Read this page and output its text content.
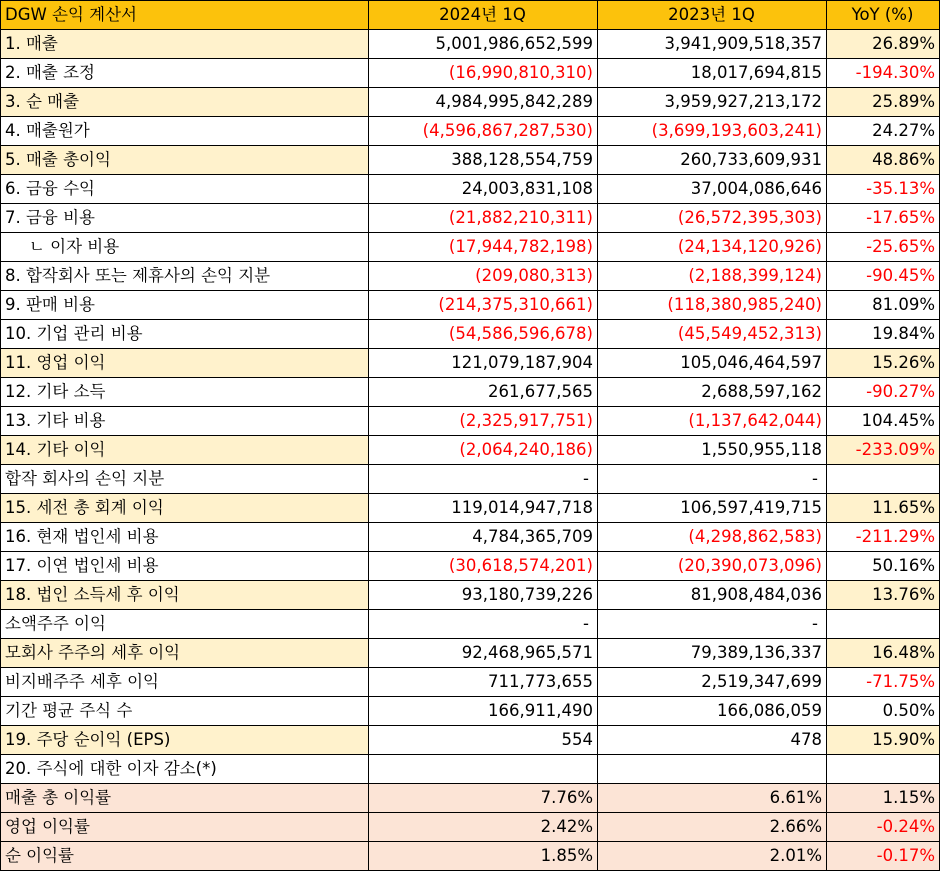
DGW 손익 계산서	2024년 1Q	2023년 1Q	YoY (%)
1. 매출	5,001,986,652,599	3,941,909,518,357	26.89%
2. 매출 조정	(16,990,810,310)	18,017,694,815	-194.30%
3. 순 매출	4,984,995,842,289	3,959,927,213,172	25.89%
4. 매출원가	(4,596,867,287,530)	(3,699,193,603,241)	24.27%
5. 매출 총이익	388,128,554,759	260,733,609,931	48.86%
6. 금융 수익	24,003,831,108	37,004,086,646	-35.13%
7. 금융 비용	(21,882,210,311)	(26,572,395,303)	-17.65%
ㄴ 이자 비용	(17,944,782,198)	(24,134,120,926)	-25.65%
8. 합작회사 또는 제휴사의 손익 지분	(209,080,313)	(2,188,399,124)	-90.45%
9. 판매 비용	(214,375,310,661)	(118,380,985,240)	81.09%
10. 기업 관리 비용	(54,586,596,678)	(45,549,452,313)	19.84%
11. 영업 이익	121,079,187,904	105,046,464,597	15.26%
12. 기타 소득	261,677,565	2,688,597,162	-90.27%
13. 기타 비용	(2,325,917,751)	(1,137,642,044)	104.45%
14. 기타 이익	(2,064,240,186)	1,550,955,118	-233.09%
합작 회사의 손익 지분	-	-	
15. 세전 총 회계 이익	119,014,947,718	106,597,419,715	11.65%
16. 현재 법인세 비용	4,784,365,709	(4,298,862,583)	-211.29%
17. 이연 법인세 비용	(30,618,574,201)	(20,390,073,096)	50.16%
18. 법인 소득세 후 이익	93,180,739,226	81,908,484,036	13.76%
소액주주 이익	-	-	
모회사 주주의 세후 이익	92,468,965,571	79,389,136,337	16.48%
비지배주주 세후 이익	711,773,655	2,519,347,699	-71.75%
기간 평균 주식 수	166,911,490	166,086,059	0.50%
19. 주당 순이익 (EPS)	554	478	15.90%
20. 주식에 대한 이자 감소(*)			
매출 총 이익률	7.76%	6.61%	1.15%
영업 이익률	2.42%	2.66%	-0.24%
순 이익률	1.85%	2.01%	-0.17%
